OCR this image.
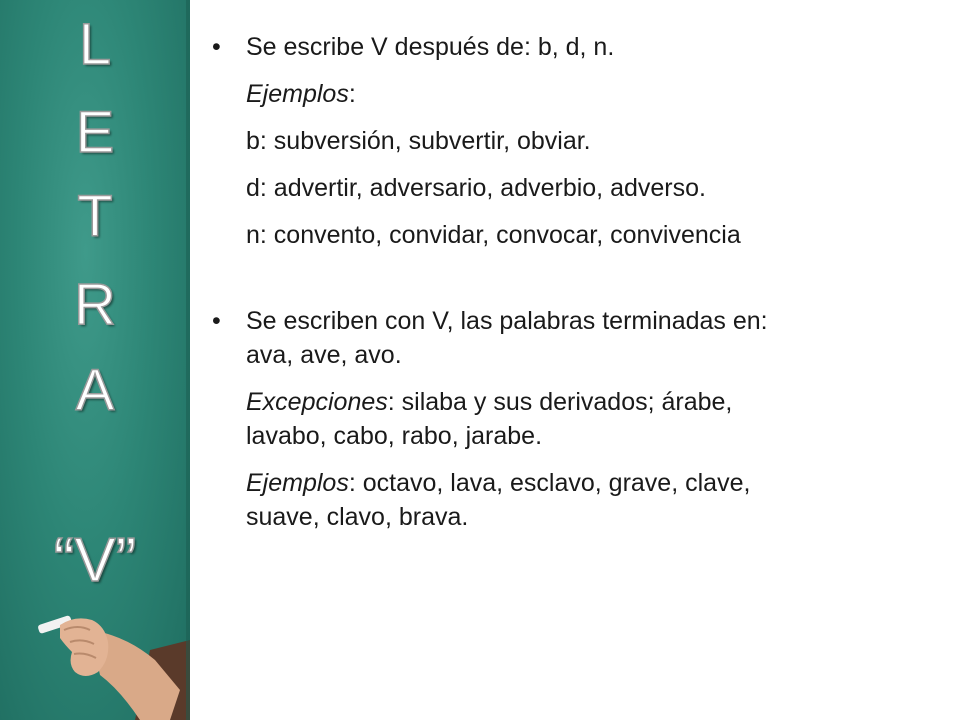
L
E
T
R
A
“V”
• Se escribe V después de: b, d, n.
Ejemplos:
b: subversión, subvertir, obviar.
d: advertir, adversario, adverbio, adverso.
n: convento, convidar, convocar, convivencia
• Se escriben con V, las palabras terminadas en:
ava, ave, avo.
Excepciones: silaba y sus derivados; árabe,
lavabo, cabo, rabo, jarabe.
Ejemplos: octavo, lava, esclavo, grave, clave,
suave, clavo, brava.
